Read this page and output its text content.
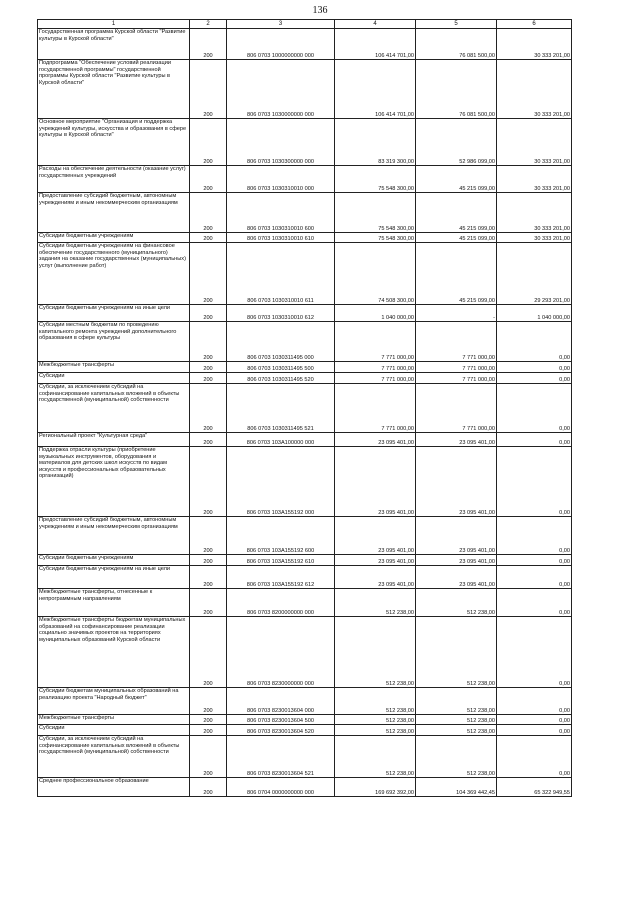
136
1	2	3	4	5	6
Государственная программа Курской области "Развитие культуры в Курской области"	200	806 0703 1000000000 000	106 414 701,00	76 081 500,00	30 333 201,00
Подпрограмма "Обеспечение условий реализации государственной программы" государственной программы Курской области "Развитие культуры в Курской области"	200	806 0703 1030000000 000	106 414 701,00	76 081 500,00	30 333 201,00
Основное мероприятие "Организация и поддержка учреждений культуры, искусства и образования в сфере культуры в Курской области"	200	806 0703 1030300000 000	83 319 300,00	52 986 099,00	30 333 201,00
Расходы на обеспечение деятельности (оказание услуг) государственных учреждений	200	806 0703 1030310010 000	75 548 300,00	45 215 099,00	30 333 201,00
Предоставление субсидий бюджетным, автономным учреждениям и иным некоммерческим организациям	200	806 0703 1030310010 600	75 548 300,00	45 215 099,00	30 333 201,00
Субсидии бюджетным учреждениям	200	806 0703 1030310010 610	75 548 300,00	45 215 099,00	30 333 201,00
Субсидии бюджетным учреждениям на финансовое обеспечение государственного (муниципального) задания на оказание государственных (муниципальных) услуг (выполнение работ)	200	806 0703 1030310010 611	74 508 300,00	45 215 099,00	29 293 201,00
Субсидии бюджетным учреждениям на иные цели	200	806 0703 1030310010 612	1 040 000,00	-	1 040 000,00
Субсидии местным бюджетам по проведению капитального ремонта учреждений дополнительного образования в сфере культуры	200	806 0703 1030311495 000	7 771 000,00	7 771 000,00	0,00
Межбюджетные трансферты	200	806 0703 1030311495 500	7 771 000,00	7 771 000,00	0,00
Субсидии	200	806 0703 1030311495 520	7 771 000,00	7 771 000,00	0,00
Субсидии, за исключением субсидий на софинансирование капитальных вложений в объекты государственной (муниципальной) собственности	200	806 0703 1030311495 521	7 771 000,00	7 771 000,00	0,00
Региональный проект "Культурная среда"	200	806 0703 103A100000 000	23 095 401,00	23 095 401,00	0,00
Поддержка отрасли культуры (приобретение музыкальных инструментов, оборудования и материалов для детских школ искусств по видам искусств и профессиональных образовательных организаций)	200	806 0703 103A155192 000	23 095 401,00	23 095 401,00	0,00
Предоставление субсидий бюджетным, автономным учреждениям и иным некоммерческим организациям	200	806 0703 103A155192 600	23 095 401,00	23 095 401,00	0,00
Субсидии бюджетным учреждениям	200	806 0703 103A155192 610	23 095 401,00	23 095 401,00	0,00
Субсидии бюджетным учреждениям на иные цели	200	806 0703 103A155192 612	23 095 401,00	23 095 401,00	0,00
Межбюджетные трансферты, отнесенные к непрограммным направлениям	200	806 0703 8200000000 000	512 238,00	512 238,00	0,00
Межбюджетные трансферты бюджетам муниципальных образований на софинансирование реализации социально значимых проектов на территориях муниципальных образований Курской области	200	806 0703 8230000000 000	512 238,00	512 238,00	0,00
Субсидии бюджетам муниципальных образований на реализацию проекта "Народный бюджет"	200	806 0703 8230013604 000	512 238,00	512 238,00	0,00
Межбюджетные трансферты	200	806 0703 8230013604 500	512 238,00	512 238,00	0,00
Субсидии	200	806 0703 8230013604 520	512 238,00	512 238,00	0,00
Субсидии, за исключением субсидий на софинансирование капитальных вложений в объекты государственной (муниципальной) собственности	200	806 0703 8230013604 521	512 238,00	512 238,00	0,00
Среднее профессиональное образование	200	806 0704 0000000000 000	169 692 392,00	104 369 442,45	65 322 949,55
